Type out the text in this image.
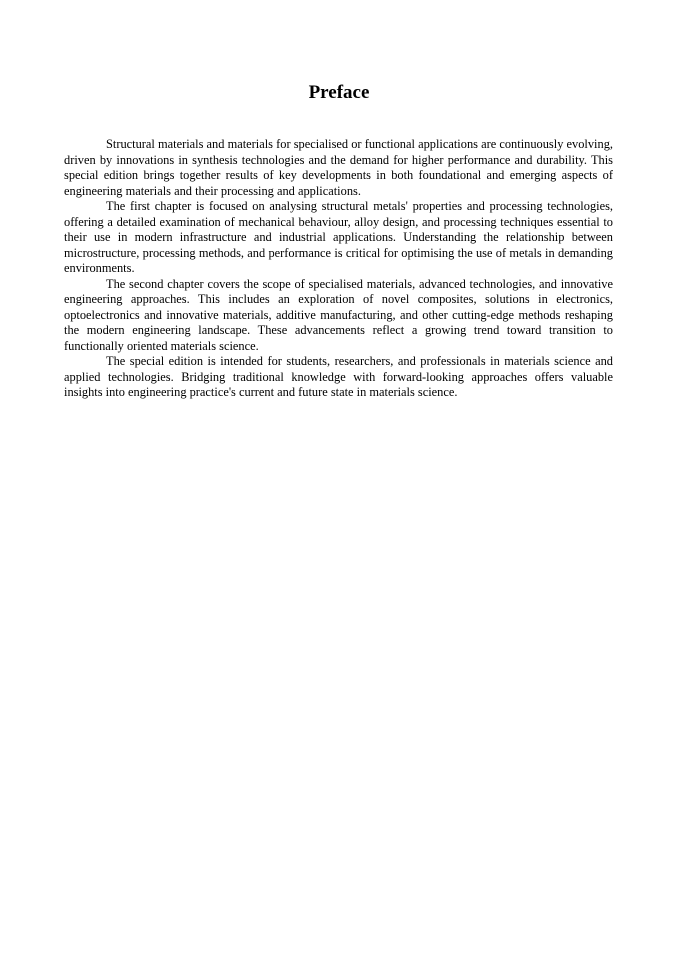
Preface

Structural materials and materials for specialised or functional applications are continuously evolving, driven by innovations in synthesis technologies and the demand for higher performance and durability. This special edition brings together results of key developments in both foundational and emerging aspects of engineering materials and their processing and applications.

The first chapter is focused on analysing structural metals' properties and processing technologies, offering a detailed examination of mechanical behaviour, alloy design, and processing techniques essential to their use in modern infrastructure and industrial applications. Understanding the relationship between microstructure, processing methods, and performance is critical for optimising the use of metals in demanding environments.

The second chapter covers the scope of specialised materials, advanced technologies, and innovative engineering approaches. This includes an exploration of novel composites, solutions in electronics, optoelectronics and innovative materials, additive manufacturing, and other cutting-edge methods reshaping the modern engineering landscape. These advancements reflect a growing trend toward transition to functionally oriented materials science.

The special edition is intended for students, researchers, and professionals in materials science and applied technologies. Bridging traditional knowledge with forward-looking approaches offers valuable insights into engineering practice's current and future state in materials science.
